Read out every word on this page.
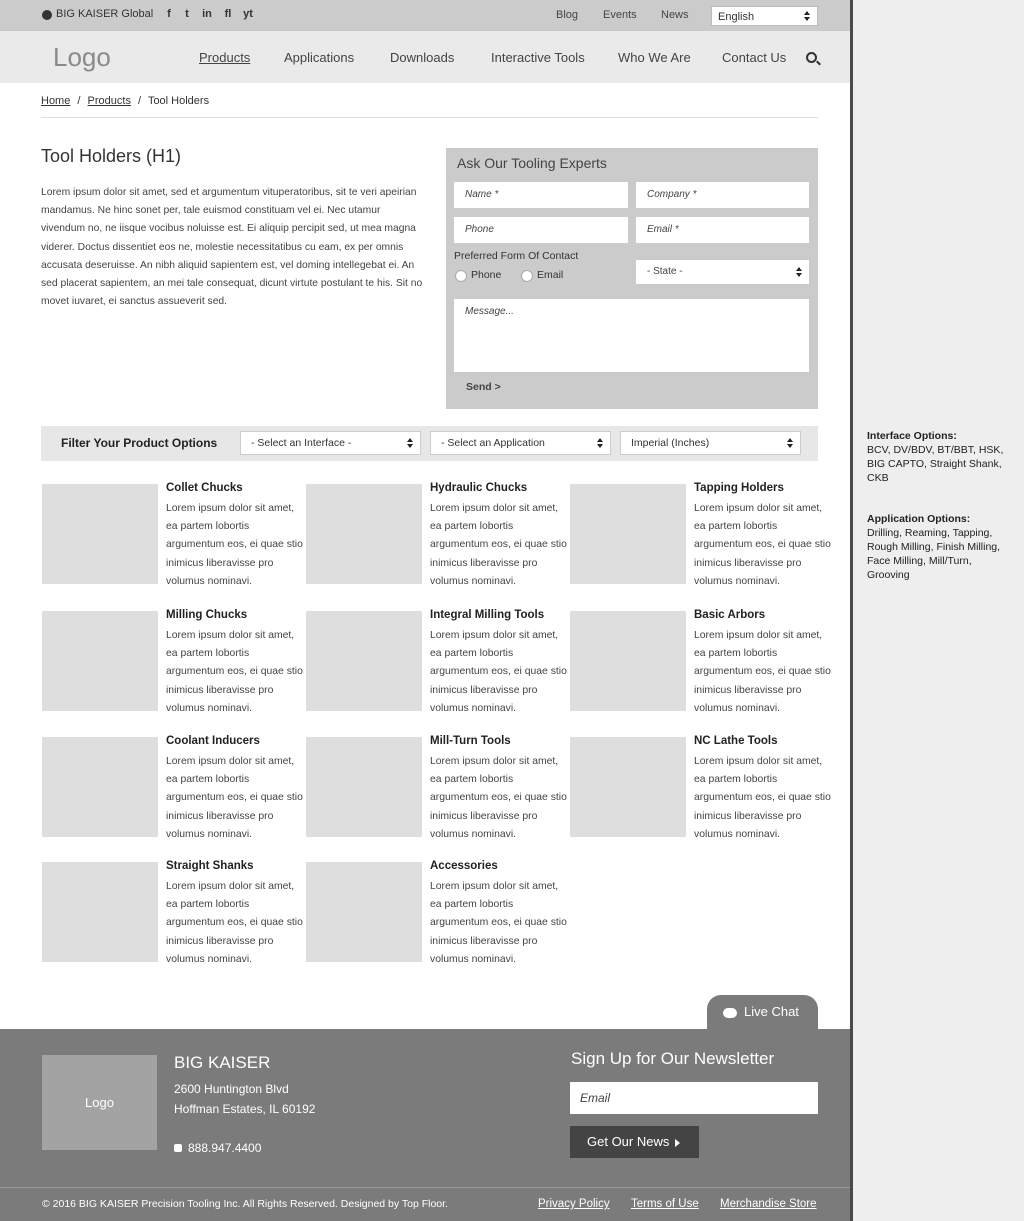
BIG KAISER Global	f	t	in fl yt	Blog Events News	English
Logo	Products	Applications	Downloads	Interactive Tools	Who We Are Contact Us
Home / Products / Tool Holders
Tool Holders (H1)

Lorem ipsum dolor sit amet, sed et argumentum vituperatoribus, sit te veri apeirian mandamus. Ne hinc sonet per, tale euismod constituam vel ei. Nec utamur vivendum no, ne iisque vocibus noluisse est. Ei aliquip percipit sed, ut mea magna viderer. Doctus dissentiet eos ne, molestie necessitatibus cu eam, ex per omnis accusata deseruisse. An nibh aliquid sapientem est, vel doming intellegebat ei. An sed placerat sapientem, an mei tale consequat, dicunt virtute postulant te his. Sit no movet iuvaret, ei sanctus assueverit sed.

Ask Our Tooling Experts
Name *	Company *
Phone	Email *
Preferred Form Of Contact
Phone	Email	- State -
Message...
Send >
Filter Your Product Options	- Select an Interface -	- Select an Application	Imperial (Inches)
Collet Chucks
Lorem ipsum dolor sit amet, ea partem lobortis argumentum eos, ei quae stio inimicus liberavisse pro volumus nominavi.
Hydraulic Chucks
Lorem ipsum dolor sit amet, ea partem lobortis argumentum eos, ei quae stio inimicus liberavisse pro volumus nominavi.
Tapping Holders
Lorem ipsum dolor sit amet, ea partem lobortis argumentum eos, ei quae stio inimicus liberavisse pro volumus nominavi.
Milling Chucks
Lorem ipsum dolor sit amet, ea partem lobortis argumentum eos, ei quae stio inimicus liberavisse pro volumus nominavi.
Integral Milling Tools
Lorem ipsum dolor sit amet, ea partem lobortis argumentum eos, ei quae stio inimicus liberavisse pro volumus nominavi.
Basic Arbors
Lorem ipsum dolor sit amet, ea partem lobortis argumentum eos, ei quae stio inimicus liberavisse pro volumus nominavi.
Coolant Inducers
Lorem ipsum dolor sit amet, ea partem lobortis argumentum eos, ei quae stio inimicus liberavisse pro volumus nominavi.
Mill-Turn Tools
Lorem ipsum dolor sit amet, ea partem lobortis argumentum eos, ei quae stio inimicus liberavisse pro volumus nominavi.
NC Lathe Tools
Lorem ipsum dolor sit amet, ea partem lobortis argumentum eos, ei quae stio inimicus liberavisse pro volumus nominavi.
Straight Shanks
Lorem ipsum dolor sit amet, ea partem lobortis argumentum eos, ei quae stio inimicus liberavisse pro volumus nominavi.
Accessories
Lorem ipsum dolor sit amet, ea partem lobortis argumentum eos, ei quae stio inimicus liberavisse pro volumus nominavi.
Live Chat
Logo
BIG KAISER
2600 Huntington Blvd
Hoffman Estates, IL 60192
888.947.4400
Sign Up for Our Newsletter
Email
Get Our News
© 2016 BIG KAISER Precision Tooling Inc. All Rights Reserved. Designed by Top Floor.	Privacy Policy Terms of Use Merchandise Store
Interface Options:
BCV, DV/BDV, BT/BBT, HSK, BIG CAPTO, Straight Shank, CKB
Application Options:
Drilling, Reaming, Tapping, Rough Milling, Finish Milling, Face Milling, Mill/Turn, Grooving
